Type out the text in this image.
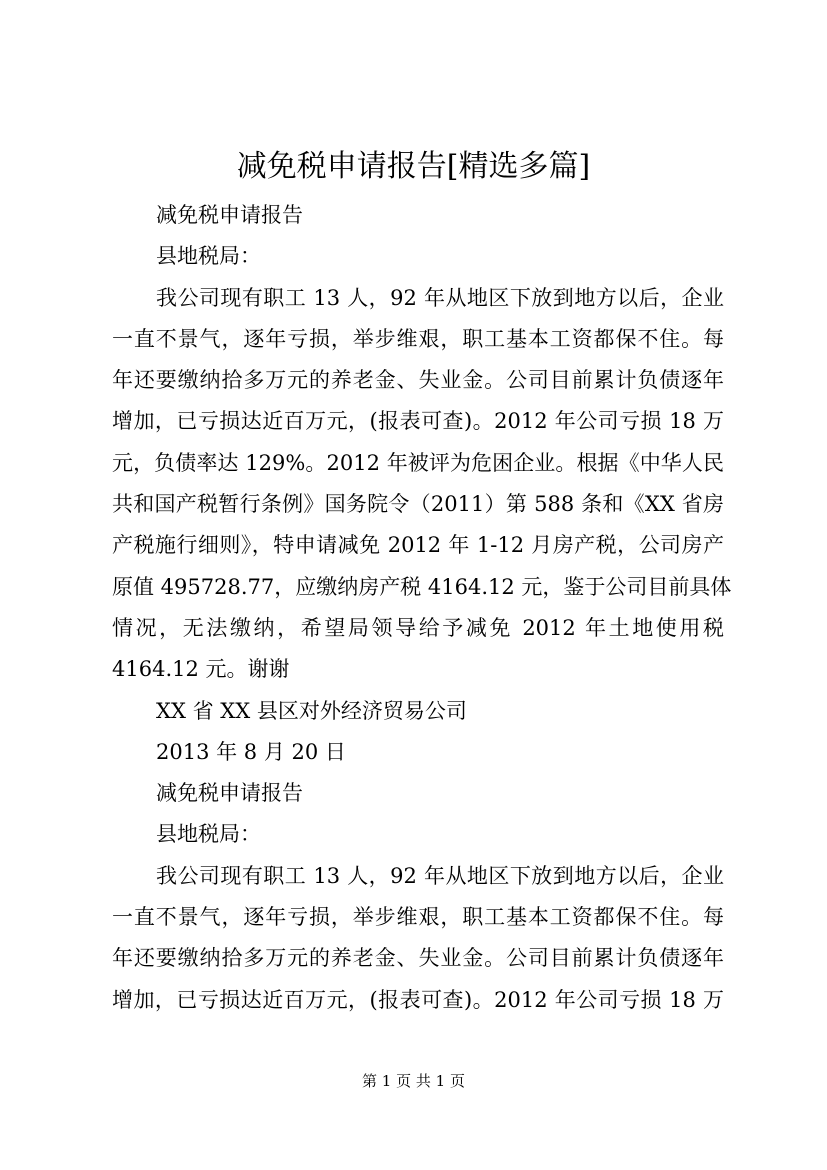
减免税申请报告[精选多篇]
减免税申请报告
县地税局：
我公司现有职工 13 人，92 年从地区下放到地方以后，企业
一直不景气，逐年亏损，举步维艰，职工基本工资都保不住。每
年还要缴纳拾多万元的养老金、失业金。公司目前累计负债逐年
增加，已亏损达近百万元，(报表可查)。2012 年公司亏损 18 万
元，负债率达 129%。2012 年被评为危困企业。根据《中华人民
共和国产税暂行条例》国务院令（2011）第 588 条和《XX 省房
产税施行细则》，特申请减免 2012 年 1-12 月房产税，公司房产
原值 495728.77，应缴纳房产税 4164.12 元，鉴于公司目前具体
情况，无法缴纳，希望局领导给予减免 2012 年土地使用税
4164.12 元。谢谢
XX 省 XX 县区对外经济贸易公司
2013 年 8 月 20 日
减免税申请报告
县地税局：
我公司现有职工 13 人，92 年从地区下放到地方以后，企业
一直不景气，逐年亏损，举步维艰，职工基本工资都保不住。每
年还要缴纳拾多万元的养老金、失业金。公司目前累计负债逐年
增加，已亏损达近百万元，(报表可查)。2012 年公司亏损 18 万
第 1 页 共 1 页
